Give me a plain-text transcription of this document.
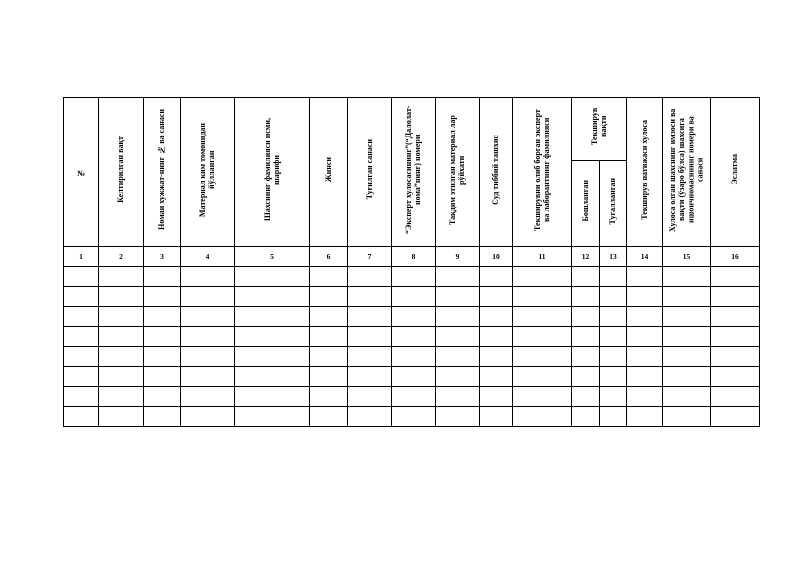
№	Келтирилган вақт	Номаи хужжат-нинг № ва санаси	Материал ким томонидан йўлланган	Шахснинг фамилияси исми, шарифи	Жинси	Туғилган санаси	“Эксперт хулосасининг”(“Далолат-нома”нинг) номери	Тақдим этилган материал лар рўйхати	Суд тиббий ташхис	Текширувни олиб борган эксперт ва лаборантнинг фамилияси	Текширув вақти		Текширув натижаси хулоса	Хулоса олган шахснинг имзоси ва вақти (ўзаро бўлса) шахсига ишончномасининг номери ва санаси	Эслатма
											Бошланган	Тугалланган			
1	2	3	4	5	6	7	8	9	10	11	12	13	14	15	16
